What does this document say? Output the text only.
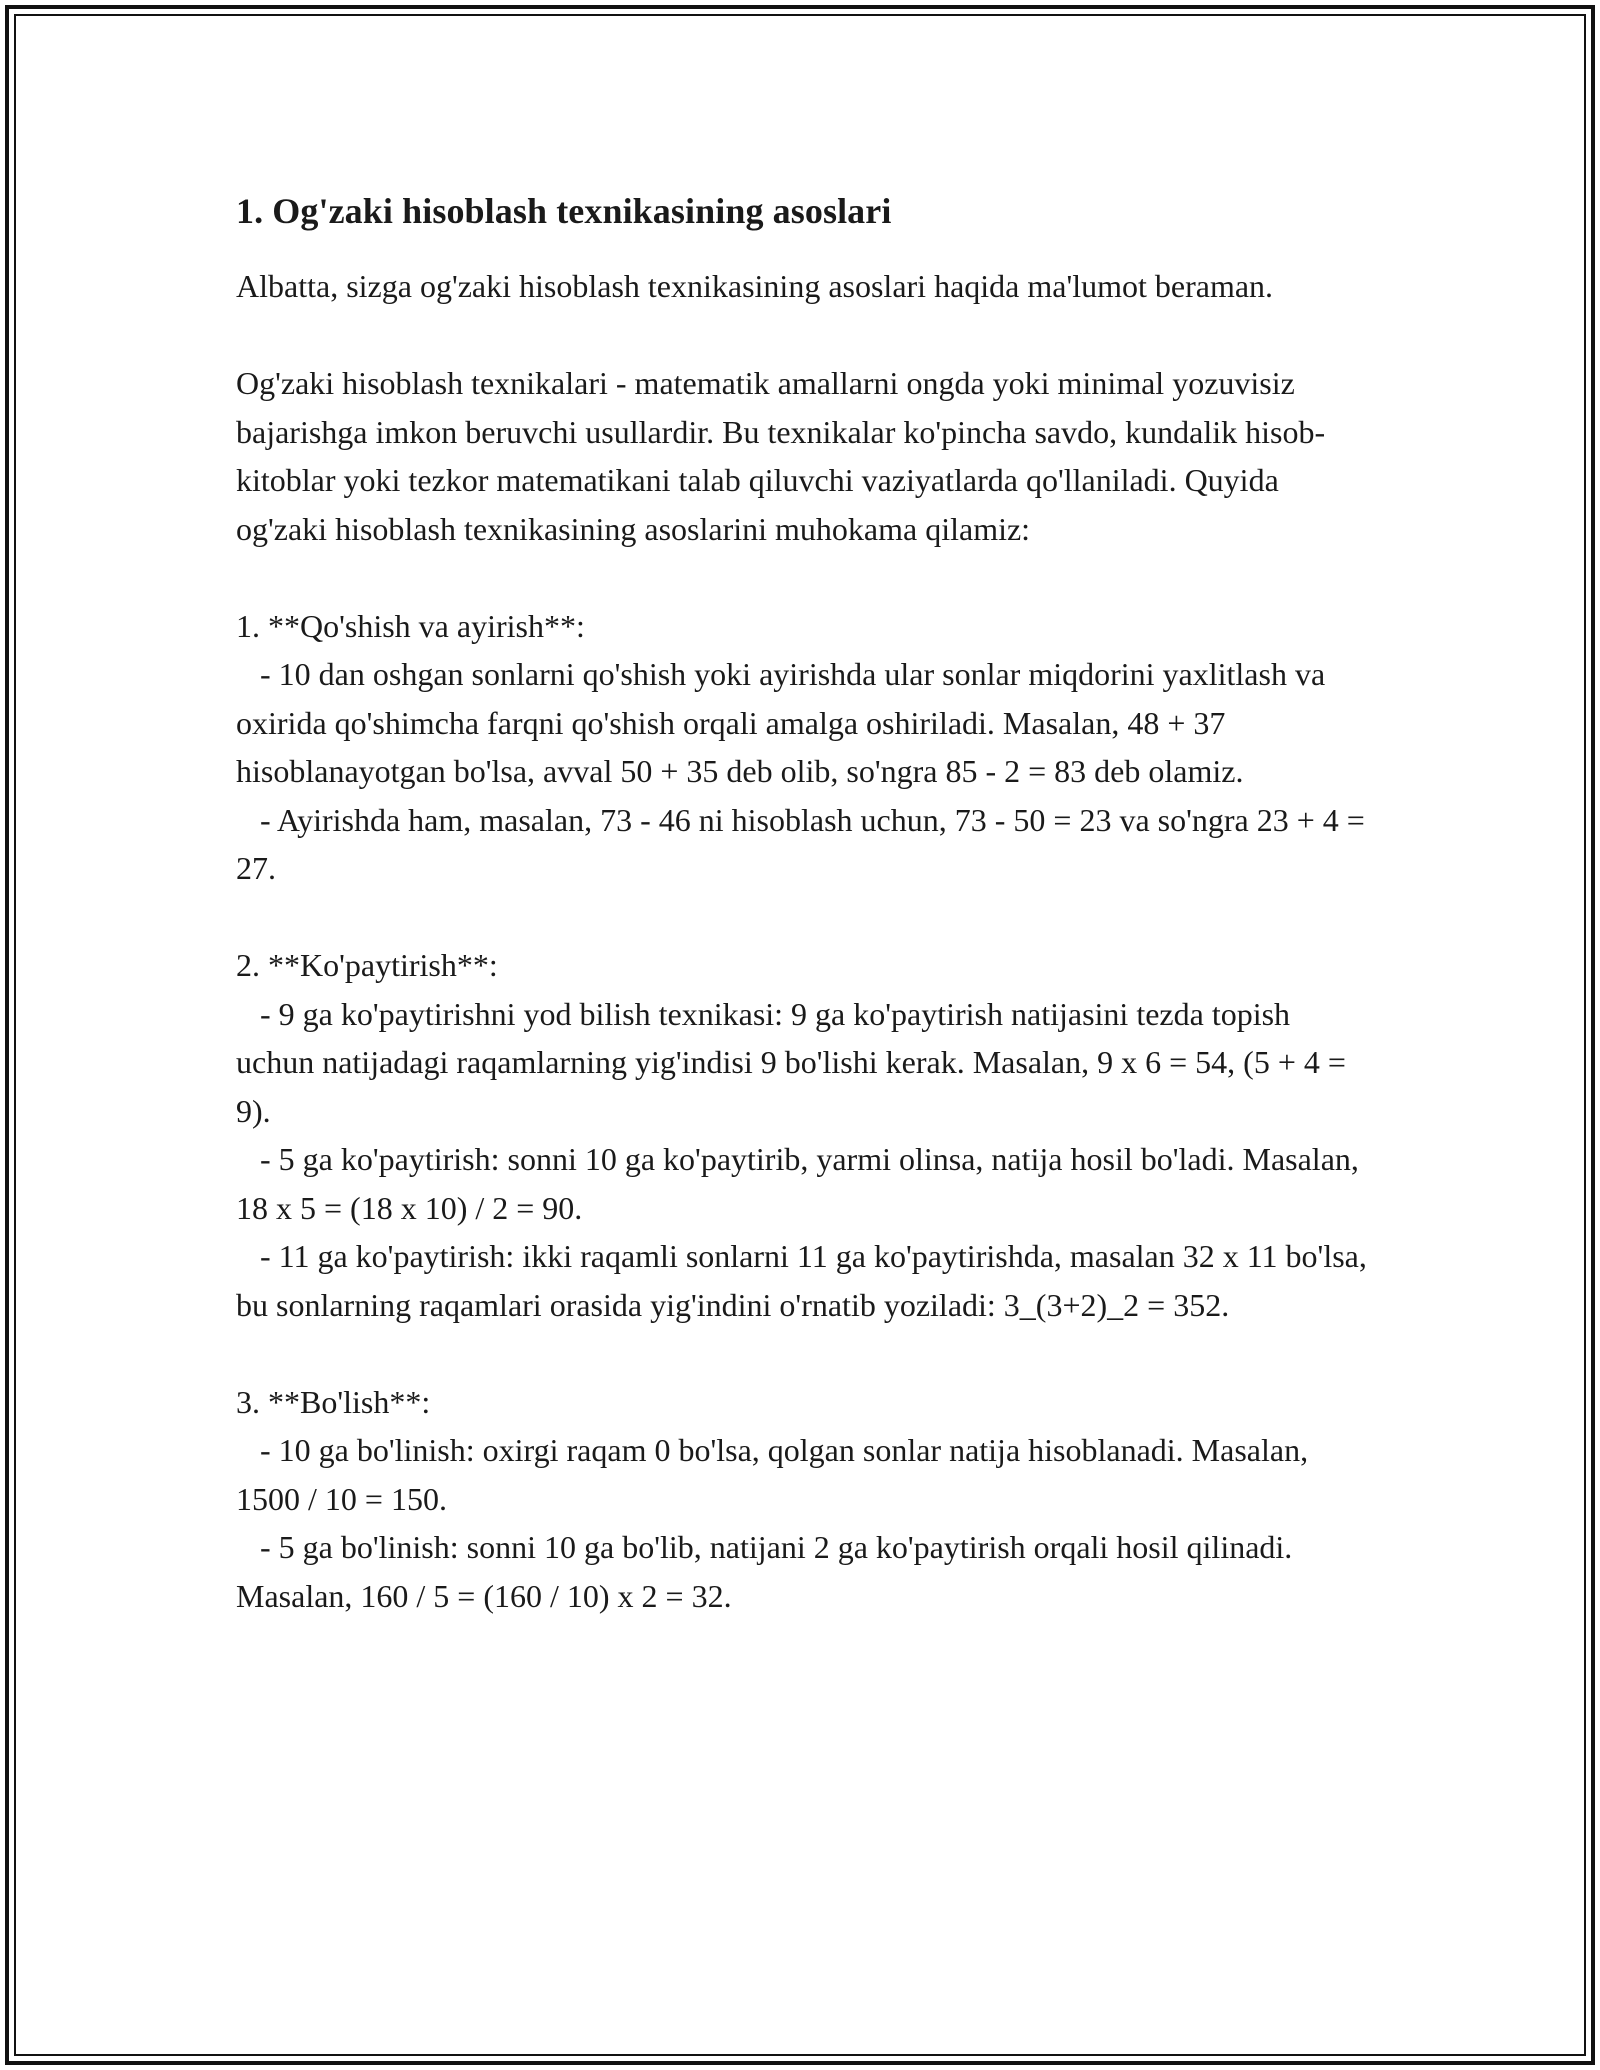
1. Og'zaki hisoblash texnikasining asoslari

Albatta, sizga og'zaki hisoblash texnikasining asoslari haqida ma'lumot beraman.

Og'zaki hisoblash texnikalari - matematik amallarni ongda yoki minimal yozuvisiz bajarishga imkon beruvchi usullardir. Bu texnikalar ko'pincha savdo, kundalik hisob-kitoblar yoki tezkor matematikani talab qiluvchi vaziyatlarda qo'llaniladi. Quyida og'zaki hisoblash texnikasining asoslarini muhokama qilamiz:

1. **Qo'shish va ayirish**:

- 10 dan oshgan sonlarni qo'shish yoki ayirishda ular sonlar miqdorini yaxlitlash va oxirida qo'shimcha farqni qo'shish orqali amalga oshiriladi. Masalan, 48 + 37 hisoblanayotgan bo'lsa, avval 50 + 35 deb olib, so'ngra 85 - 2 = 83 deb olamiz.

- Ayirishda ham, masalan, 73 - 46 ni hisoblash uchun, 73 - 50 = 23 va so'ngra 23 + 4 = 27.

2. **Ko'paytirish**:

- 9 ga ko'paytirishni yod bilish texnikasi: 9 ga ko'paytirish natijasini tezda topish uchun natijadagi raqamlarning yig'indisi 9 bo'lishi kerak. Masalan, 9 x 6 = 54, (5 + 4 = 9).

- 5 ga ko'paytirish: sonni 10 ga ko'paytirib, yarmi olinsa, natija hosil bo'ladi. Masalan, 18 x 5 = (18 x 10) / 2 = 90.

- 11 ga ko'paytirish: ikki raqamli sonlarni 11 ga ko'paytirishda, masalan 32 x 11 bo'lsa, bu sonlarning raqamlari orasida yig'indini o'rnatib yoziladi: 3_(3+2)_2 = 352.

3. **Bo'lish**:

- 10 ga bo'linish: oxirgi raqam 0 bo'lsa, qolgan sonlar natija hisoblanadi. Masalan, 1500 / 10 = 150.

- 5 ga bo'linish: sonni 10 ga bo'lib, natijani 2 ga ko'paytirish orqali hosil qilinadi. Masalan, 160 / 5 = (160 / 10) x 2 = 32.
